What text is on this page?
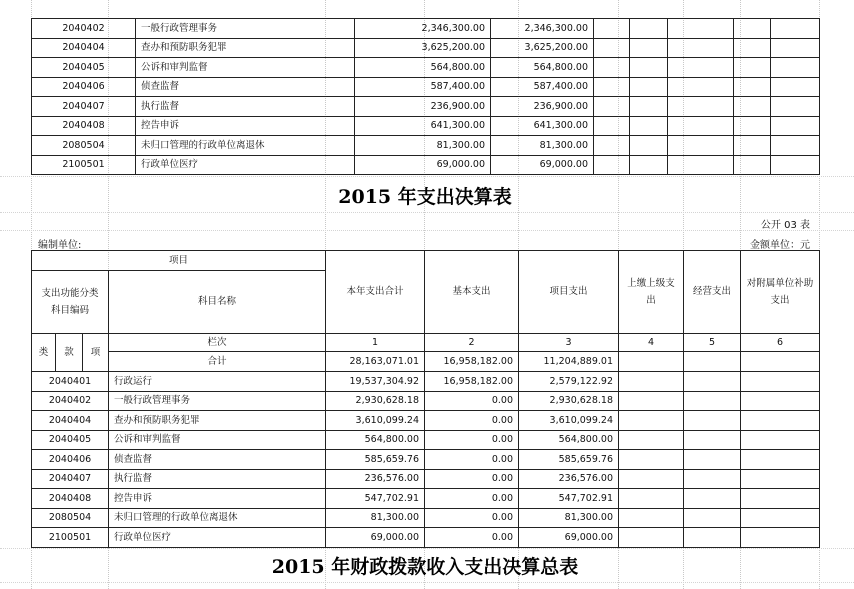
2040402	一般行政管理事务	2,346,300.00	2,346,300.00					
2040404	查办和预防职务犯罪	3,625,200.00	3,625,200.00					
2040405	公诉和审判监督	564,800.00	564,800.00					
2040406	侦查监督	587,400.00	587,400.00					
2040407	执行监督	236,900.00	236,900.00					
2040408	控告申诉	641,300.00	641,300.00					
2080504	未归口管理的行政单位离退休	81,300.00	81,300.00					
2100501	行政单位医疗	69,000.00	69,000.00					
2015 年支出决算表
公开 03 表
编制单位:	金额单位：元
项目				本年支出合计	基本支出	项目支出	上缴上级支出	经营支出	对附属单位补助支出
支出功能分类科目编码			科目名称						
类	款	项	栏次	1	2	3	4	5	6
			合计	28,163,071.01	16,958,182.00	11,204,889.01			
2040401			行政运行	19,537,304.92	16,958,182.00	2,579,122.92			
2040402			一般行政管理事务	2,930,628.18	0.00	2,930,628.18			
2040404			查办和预防职务犯罪	3,610,099.24	0.00	3,610,099.24			
2040405			公诉和审判监督	564,800.00	0.00	564,800.00			
2040406			侦查监督	585,659.76	0.00	585,659.76			
2040407			执行监督	236,576.00	0.00	236,576.00			
2040408			控告申诉	547,702.91	0.00	547,702.91			
2080504			未归口管理的行政单位离退休	81,300.00	0.00	81,300.00			
2100501			行政单位医疗	69,000.00	0.00	69,000.00			
2015 年财政拨款收入支出决算总表
